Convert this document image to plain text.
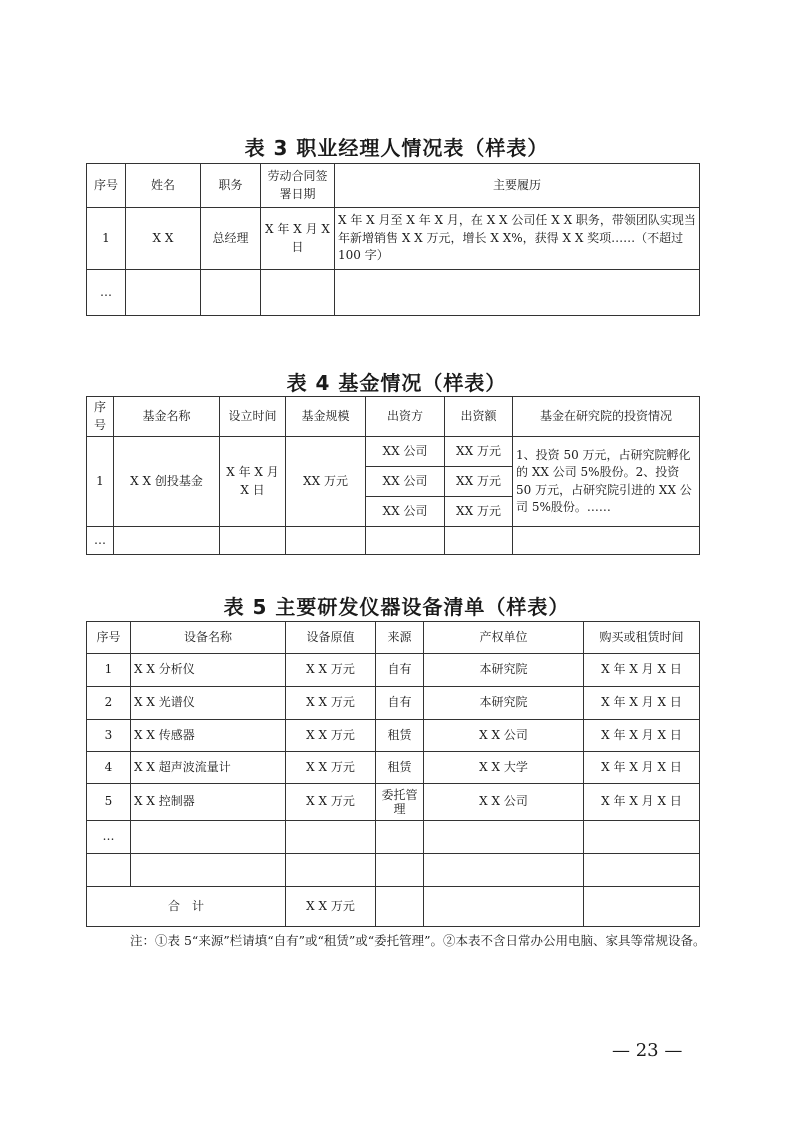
表 3 职业经理人情况表（样表）
序号	姓名	职务	劳动合同签署日期	主要履历
1	X X	总经理	X 年 X 月 X 日	X 年 X 月至 X 年 X 月，在 X X 公司任 X X 职务，带领团队实现当年新增销售 X X 万元，增长 X X%，获得 X X 奖项……（不超过 100 字）
…				
表 4 基金情况（样表）
序号	基金名称	设立时间	基金规模	出资方	出资额	基金在研究院的投资情况
1	X X 创投基金	X 年 X 月 X 日	XX 万元	XX 公司	XX 万元	1、投资 50 万元，占研究院孵化的 XX 公司 5%股份。2、投资 50 万元，占研究院引进的 XX 公司 5%股份。……
				XX 公司	XX 万元	
				XX 公司	XX 万元	
…						
表 5 主要研发仪器设备清单（样表）
序号	设备名称	设备原值	来源	产权单位	购买或租赁时间
1	X X 分析仪	X X 万元	自有	本研究院	X 年 X 月 X 日
2	X X 光谱仪	X X 万元	自有	本研究院	X 年 X 月 X 日
3	X X 传感器	X X 万元	租赁	X X 公司	X 年 X 月 X 日
4	X X 超声波流量计	X X 万元	租赁	X X 大学	X 年 X 月 X 日
5	X X 控制器	X X 万元	委托管理	X X 公司	X 年 X 月 X 日
…					

合　计		X X 万元			
注：①表 5“来源”栏请填“自有”或“租赁”或“委托管理”。②本表不含日常办公用电脑、家具等常规设备。
— 23 —
